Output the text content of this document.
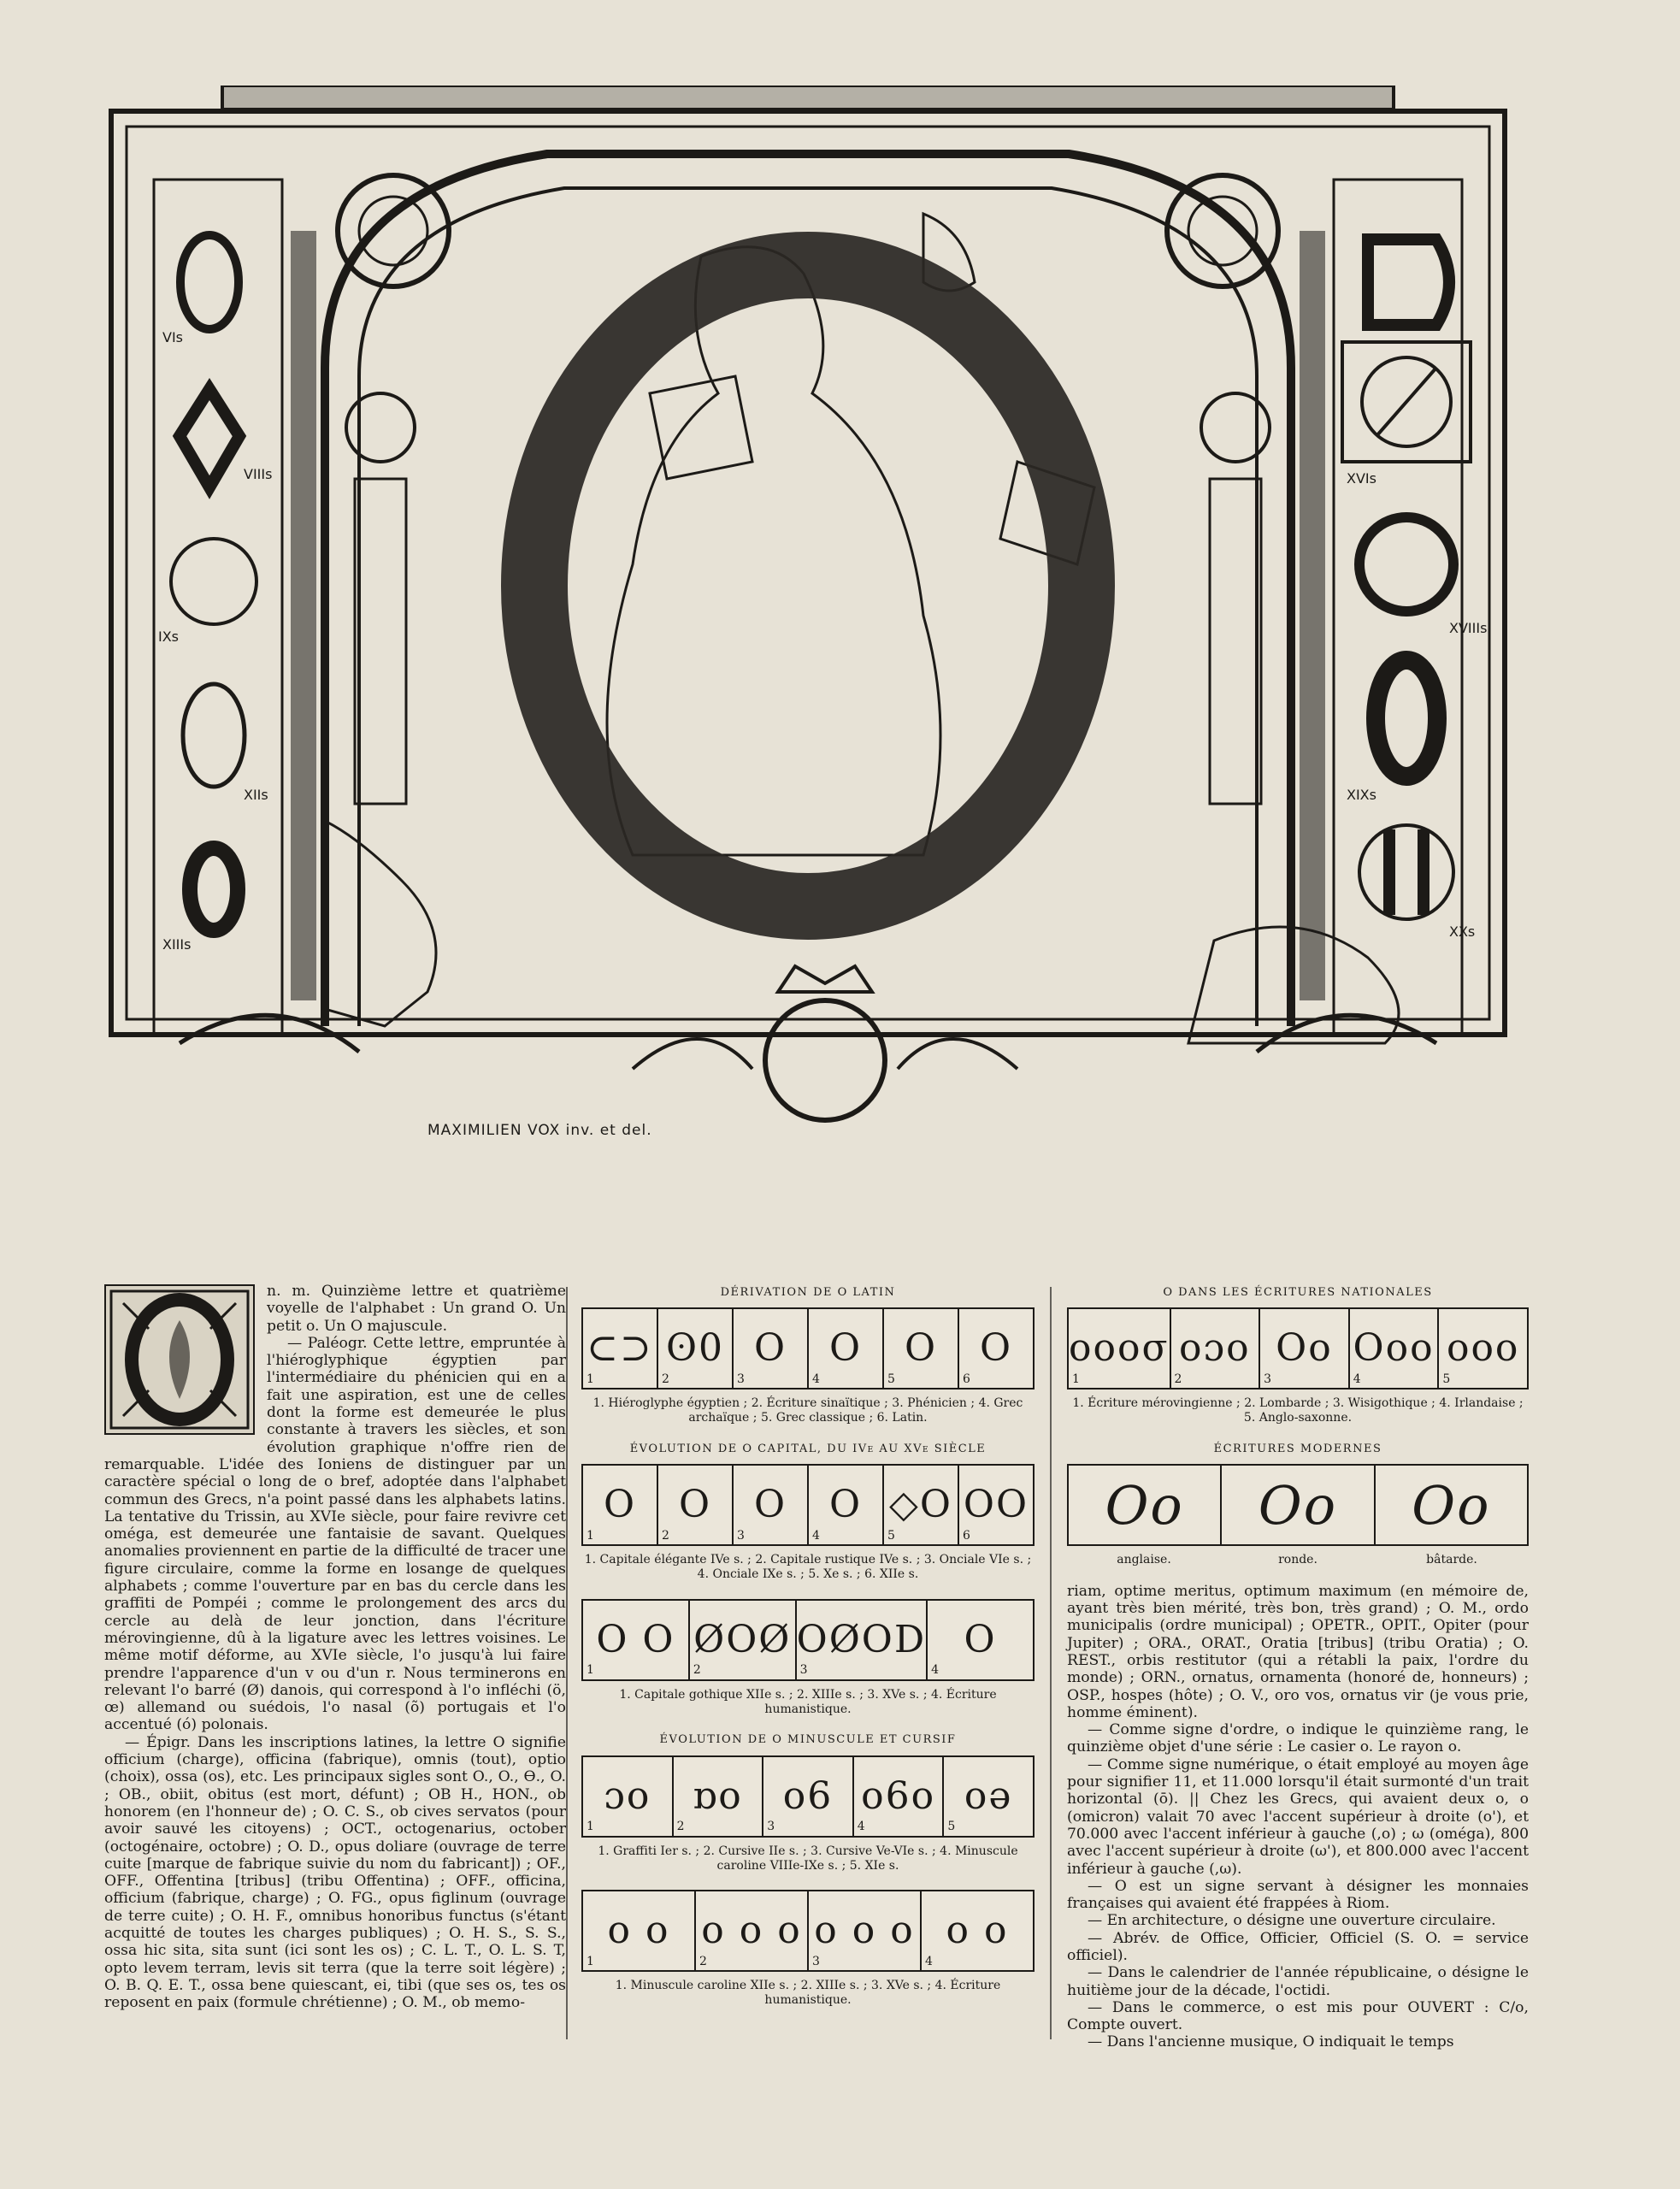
VIs
VIIIs
IXs
XIIs
XIIIs
XVIs
XVIIIs
XIXs
XXs
MAXIMILIEN VOX inv. et del.

n. m. Quinzième lettre et quatrième voyelle de l'alphabet : Un grand O. Un petit o. Un O majuscule.

— Paléogr. Cette lettre, empruntée à l'hiéroglyphique égyptien par l'intermédiaire du phénicien qui en a fait une aspiration, est une de celles dont la forme est demeurée le plus constante à travers les siècles, et son évolution graphique n'offre rien de remarquable. L'idée des Ioniens de distinguer par un caractère spécial o long de o bref, adoptée dans l'alphabet commun des Grecs, n'a point passé dans les alphabets latins. La tentative du Trissin, au XVIe siècle, pour faire revivre cet oméga, est demeurée une fantaisie de savant. Quelques anomalies proviennent en partie de la difficulté de tracer une figure circulaire, comme la forme en losange de quelques alphabets ; comme l'ouverture par en bas du cercle dans les graffiti de Pompéi ; comme le prolongement des arcs du cercle au delà de leur jonction, dans l'écriture mérovingienne, dû à la ligature avec les lettres voisines. Le même motif déforme, au XVIe siècle, l'o jusqu'à lui faire prendre l'apparence d'un v ou d'un r. Nous terminerons en relevant l'o barré (Ø) danois, qui correspond à l'o infléchi (ö, œ) allemand ou suédois, l'o nasal (õ) portugais et l'o accentué (ó) polonais.

— Épigr. Dans les inscriptions latines, la lettre O signifie officium (charge), officina (fabrique), omnis (tout), optio (choix), ossa (os), etc. Les principaux sigles sont O., O., Ɵ., O. ; OB., obiit, obitus (est mort, défunt) ; OB H., HON., ob honorem (en l'honneur de) ; O. C. S., ob cives servatos (pour avoir sauvé les citoyens) ; OCT., octogenarius, october (octogénaire, octobre) ; O. D., opus doliare (ouvrage de terre cuite [marque de fabrique suivie du nom du fabricant]) ; OF., OFF., Offentina [tribus] (tribu Offentina) ; OFF., officina, officium (fabrique, charge) ; O. FG., opus figlinum (ouvrage de terre cuite) ; O. H. F., omnibus honoribus functus (s'étant acquitté de toutes les charges publiques) ; O. H. S., S. S., ossa hic sita, sita sunt (ici sont les os) ; C. L. T., O. L. S. T, opto levem terram, levis sit terra (que la terre soit légère) ; O. B. Q. E. T., ossa bene quiescant, ei, tibi (que ses os, tes os reposent en paix (formule chrétienne) ; O. M., ob memo-

DÉRIVATION DE O LATIN
⊂⊃
1
ʘ0
2
O
3
O
4
O
5
O
6
1. Hiéroglyphe égyptien ; 2. Écriture sinaïtique ; 3. Phénicien ; 4. Grec archaïque ; 5. Grec classique ; 6. Latin.
ÉVOLUTION DE O CAPITAL, DU IVe AU XVe SIÈCLE
O
1
O
2
O
3
O
4
◇O
5
OO
6
1. Capitale élégante IVe s. ; 2. Capitale rustique IVe s. ; 3. Onciale VIe s. ; 4. Onciale IXe s. ; 5. Xe s. ; 6. XIIe s.
O O
1
ØOØ
2
OØOD
3
O
4
1. Capitale gothique XIIe s. ; 2. XIIIe s. ; 3. XVe s. ; 4. Écriture humanistique.
ÉVOLUTION DE O MINUSCULE ET CURSIF
ɔo
1
ɒo
2
o6
3
o6o
4
oə
5
1. Graffiti Ier s. ; 2. Cursive IIe s. ; 3. Cursive Ve-VIe s. ; 4. Minuscule caroline VIIIe-IXe s. ; 5. XIe s.
o o
1
o o o
2
o o o
3
o o
4
1. Minuscule caroline XIIe s. ; 2. XIIIe s. ; 3. XVe s. ; 4. Écriture humanistique.
O DANS LES ÉCRITURES NATIONALES
oooσ
1
oɔo
2
Oo
3
Ooo
4
ooo
5
1. Écriture mérovingienne ; 2. Lombarde ; 3. Wisigothique ; 4. Irlandaise ; 5. Anglo-saxonne.
ÉCRITURES MODERNES
Oo Oo Oo
anglaise.	ronde.	bâtarde.

riam, optime meritus, optimum maximum (en mémoire de, ayant très bien mérité, très bon, très grand) ; O. M., ordo municipalis (ordre municipal) ; OPETR., OPIT., Opiter (pour Jupiter) ; ORA., ORAT., Oratia [tribus] (tribu Oratia) ; O. REST., orbis restitutor (qui a rétabli la paix, l'ordre du monde) ; ORN., ornatus, ornamenta (honoré de, honneurs) ; OSP., hospes (hôte) ; O. V., oro vos, ornatus vir (je vous prie, homme éminent).

— Comme signe d'ordre, o indique le quinzième rang, le quinzième objet d'une série : Le casier o. Le rayon o.

— Comme signe numérique, o était employé au moyen âge pour signifier 11, et 11.000 lorsqu'il était surmonté d'un trait horizontal (ō). || Chez les Grecs, qui avaient deux o, o (omicron) valait 70 avec l'accent supérieur à droite (o'), et 70.000 avec l'accent inférieur à gauche (,o) ; ω (oméga), 800 avec l'accent supérieur à droite (ω'), et 800.000 avec l'accent inférieur à gauche (,ω).

— O est un signe servant à désigner les monnaies françaises qui avaient été frappées à Riom.

— En architecture, o désigne une ouverture circulaire.

— Abrév. de Office, Officier, Officiel (S. O. = service officiel).

— Dans le calendrier de l'année républicaine, o désigne le huitième jour de la décade, l'octidi.

— Dans le commerce, o est mis pour OUVERT : C/o, Compte ouvert.

— Dans l'ancienne musique, O indiquait le temps
